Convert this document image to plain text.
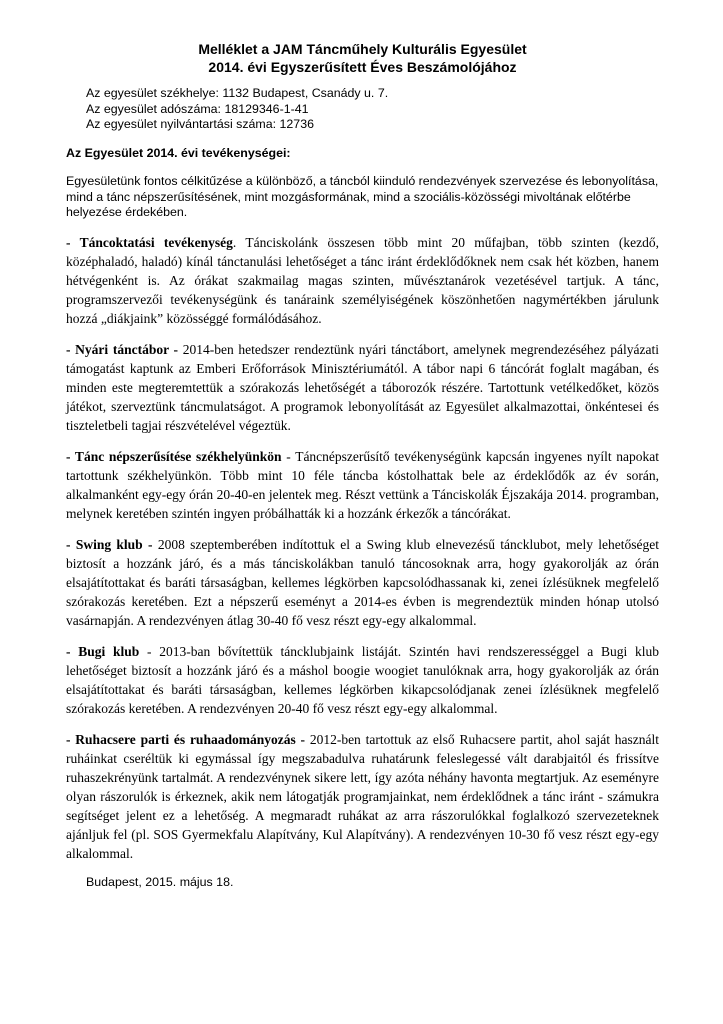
Melléklet a JAM Táncműhely Kulturális Egyesület
2014. évi Egyszerűsített Éves Beszámolójához

Az egyesület székhelye: 1132 Budapest, Csanády u. 7.

Az egyesület adószáma: 18129346-1-41

Az egyesület nyilvántartási száma: 12736

Az Egyesület 2014. évi tevékenységei:

Egyesületünk fontos célkitűzése a különböző, a táncból kiinduló rendezvények szervezése és lebonyolítása, mind a tánc népszerűsítésének, mint mozgásformának, mind a szociális-közösségi mivoltának előtérbe helyezése érdekében.

- Táncoktatási tevékenység. Tánciskolánk összesen több mint 20 műfajban, több szinten (kezdő, középhaladó, haladó) kínál tánctanulási lehetőséget a tánc iránt érdeklődőknek nem csak hét közben, hanem hétvégenként is. Az órákat szakmailag magas szinten, művésztanárok vezetésével tartjuk. A tánc, programszervezői tevékenységünk és tanáraink személyiségének köszönhetően nagymértékben járulunk hozzá „diákjaink” közösséggé formálódásához.

- Nyári tánctábor - 2014-ben hetedszer rendeztünk nyári tánctábort, amelynek megrendezéséhez pályázati támogatást kaptunk az Emberi Erőforrások Minisztériumától. A tábor napi 6 táncórát foglalt magában, és minden este megteremtettük a szórakozás lehetőségét a táborozók részére. Tartottunk vetélkedőket, közös játékot, szerveztünk táncmulatságot. A programok lebonyolítását az Egyesület alkalmazottai, önkéntesei és tiszteletbeli tagjai részvételével végeztük.

- Tánc népszerűsítése székhelyünkön - Táncnépszerűsítő tevékenységünk kapcsán ingyenes nyílt napokat tartottunk székhelyünkön. Több mint 10 féle táncba kóstolhattak bele az érdeklődők az év során, alkalmanként egy-egy órán 20-40-en jelentek meg. Részt vettünk a Tánciskolák Éjszakája 2014. programban, melynek keretében szintén ingyen próbálhatták ki a hozzánk érkezők a táncórákat.

- Swing klub - 2008 szeptemberében indítottuk el a Swing klub elnevezésű táncklubot, mely lehetőséget biztosít a hozzánk járó, és a más tánciskolákban tanuló táncosoknak arra, hogy gyakorolják az órán elsajátítottakat és baráti társaságban, kellemes légkörben kapcsolódhassanak ki, zenei ízlésüknek megfelelő szórakozás keretében. Ezt a népszerű eseményt a 2014-es évben is megrendeztük minden hónap utolsó vasárnapján. A rendezvényen átlag 30-40 fő vesz részt egy-egy alkalommal.

- Bugi klub - 2013-ban bővítettük táncklubjaink listáját. Szintén havi rendszerességgel a Bugi klub lehetőséget biztosít a hozzánk járó és a máshol boogie woogiet tanulóknak arra, hogy gyakorolják az órán elsajátítottakat és baráti társaságban, kellemes légkörben kikapcsolódjanak zenei ízlésüknek megfelelő szórakozás keretében. A rendezvényen 20-40 fő vesz részt egy-egy alkalommal.

- Ruhacsere parti és ruhaadományozás - 2012-ben tartottuk az első Ruhacsere partit, ahol saját használt ruháinkat cseréltük ki egymással így megszabadulva ruhatárunk feleslegessé vált darabjaitól és frissítve ruhaszekrényünk tartalmát. A rendezvénynek sikere lett, így azóta néhány havonta megtartjuk. Az eseményre olyan rászorulók is érkeznek, akik nem látogatják programjainkat, nem érdeklődnek a tánc iránt - számukra segítséget jelent ez a lehetőség. A megmaradt ruhákat az arra rászorulókkal foglalkozó szervezeteknek ajánljuk fel (pl. SOS Gyermekfalu Alapítvány, Kul Alapítvány). A rendezvényen 10-30 fő vesz részt egy-egy alkalommal.

Budapest, 2015. május 18.
